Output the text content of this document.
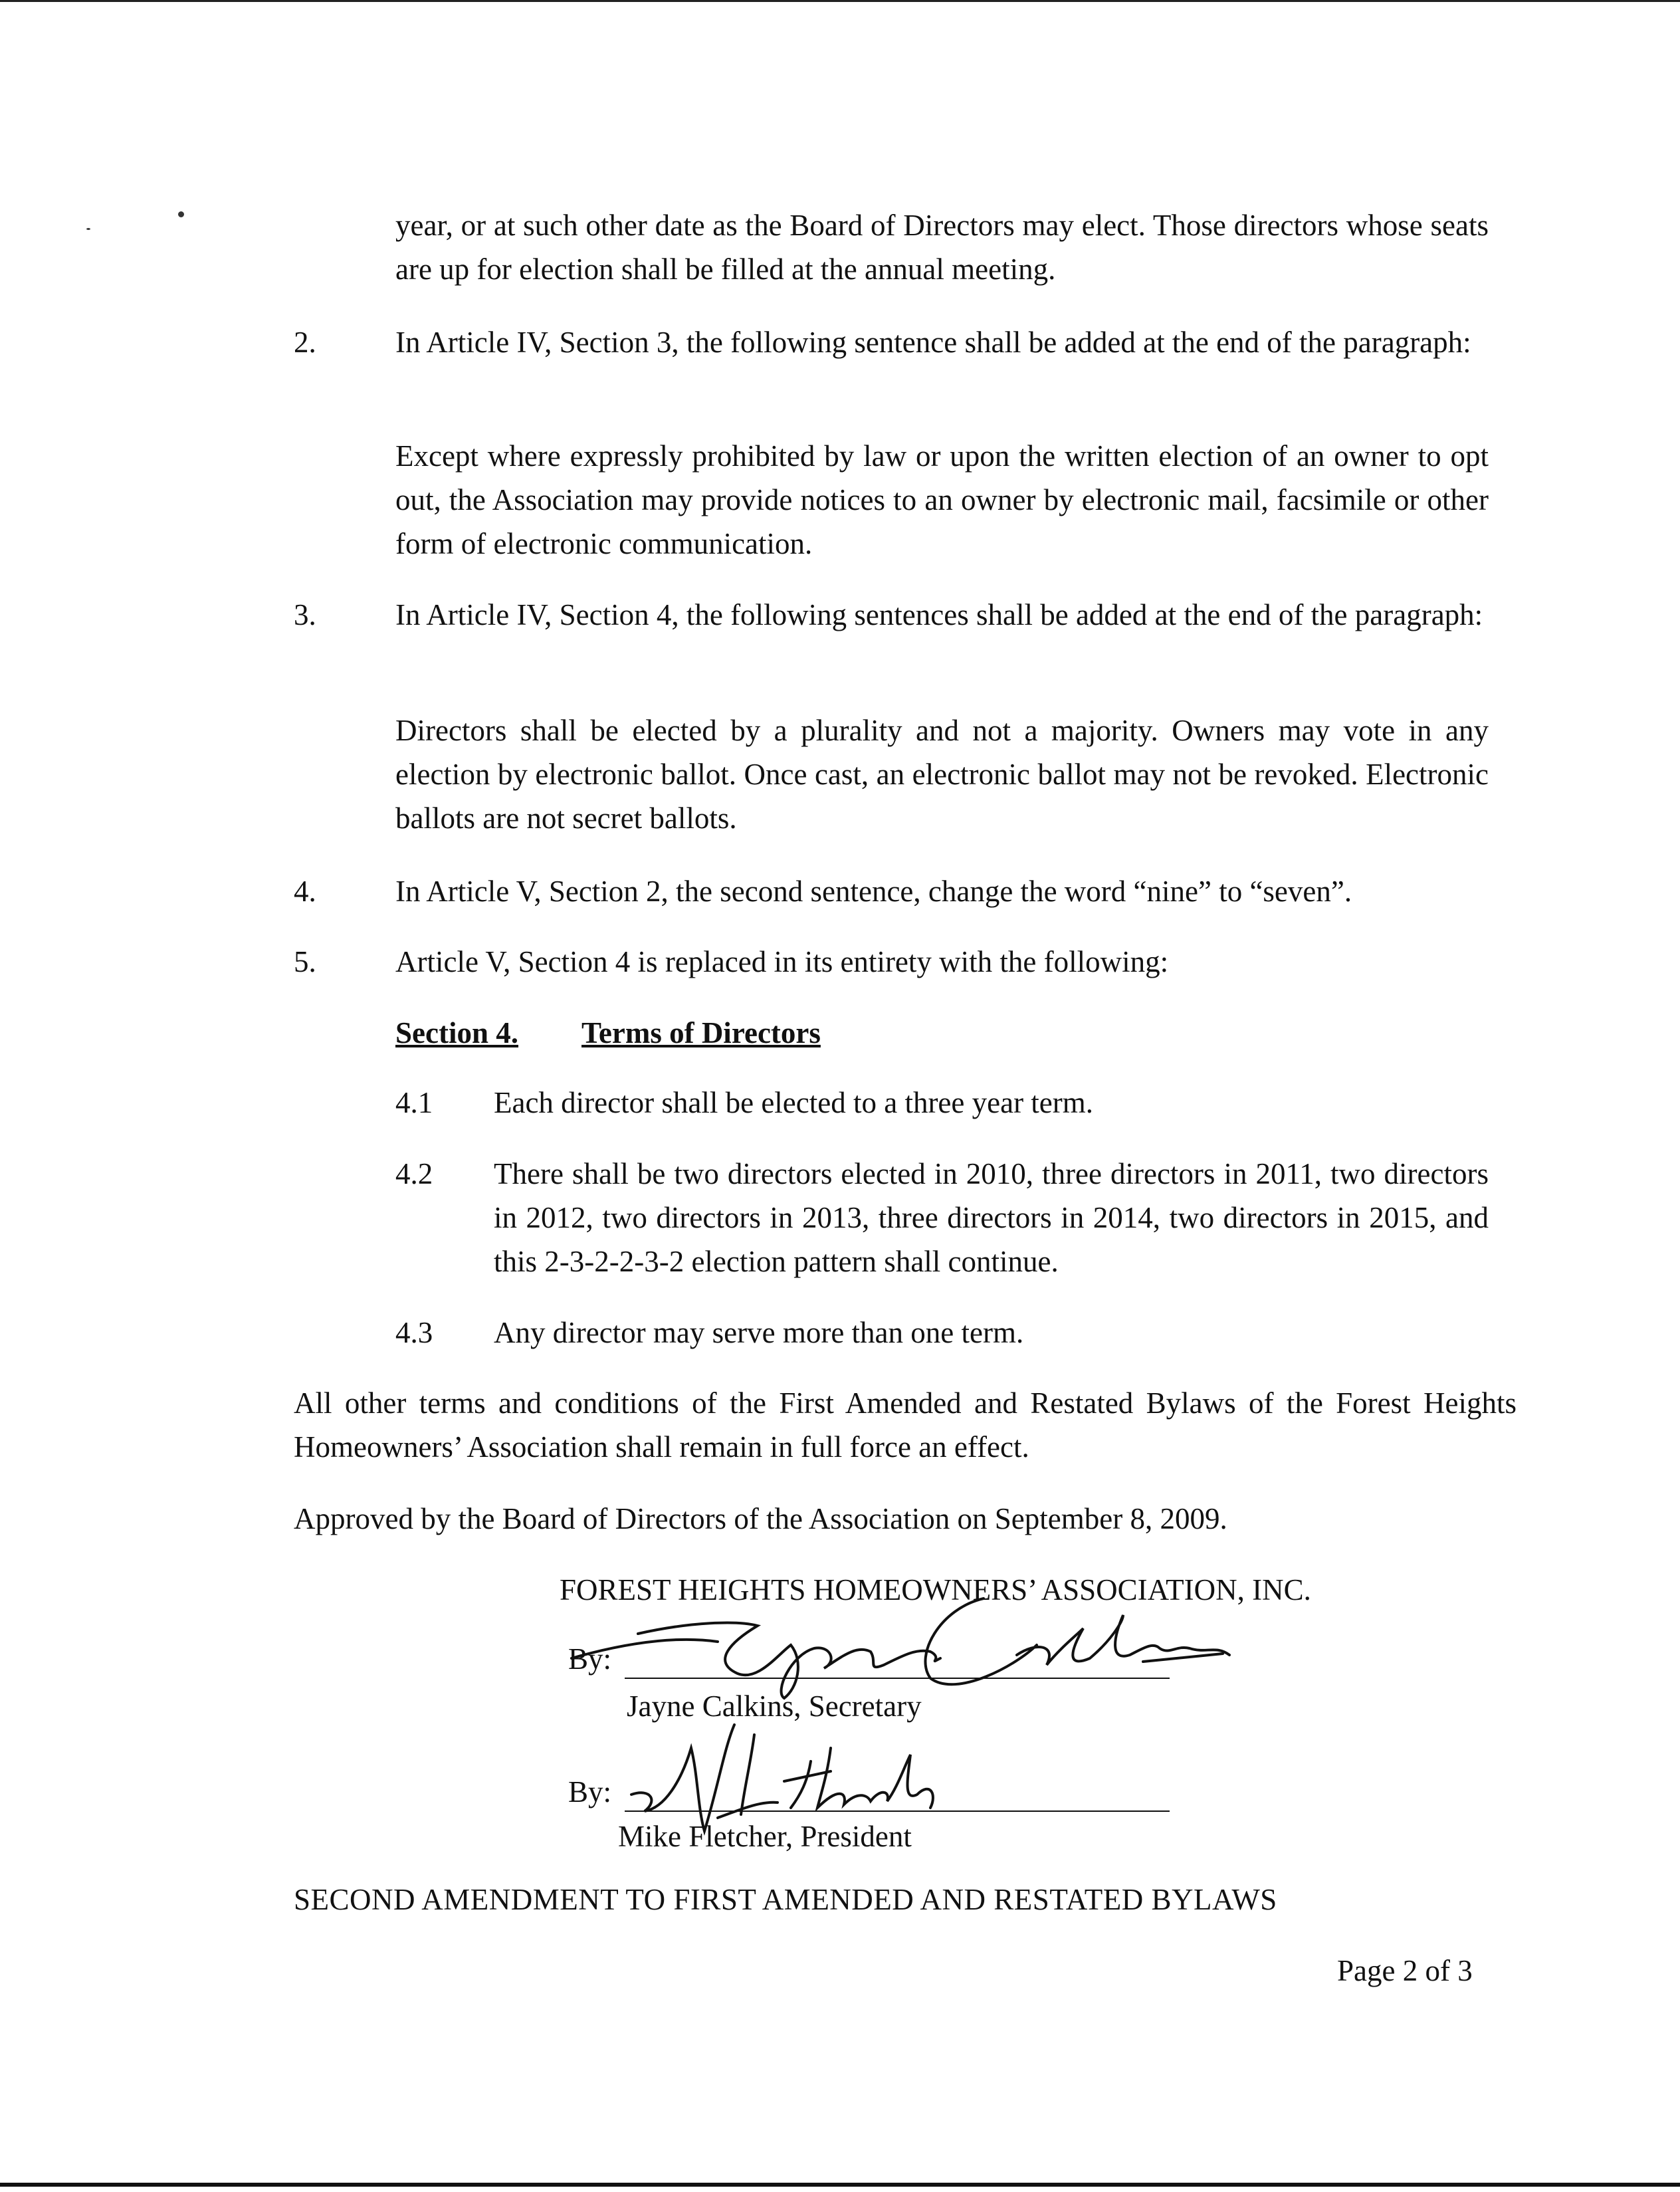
year, or at such other date as the Board of Directors may elect. Those directors whose seats are up for election shall be filled at the annual meeting.

2.	In Article IV, Section 3, the following sentence shall be added at the end of the paragraph:

Except where expressly prohibited by law or upon the written election of an owner to opt out, the Association may provide notices to an owner by electronic mail, facsimile or other form of electronic communication.

3.	In Article IV, Section 4, the following sentences shall be added at the end of the paragraph:

Directors shall be elected by a plurality and not a majority. Owners may vote in any election by electronic ballot. Once cast, an electronic ballot may not be revoked. Electronic ballots are not secret ballots.

4.	In Article V, Section 2, the second sentence, change the word “nine” to “seven”.

5.	Article V, Section 4 is replaced in its entirety with the following:

Section 4. Terms of Directors
4.1 Each director shall be elected to a three year term.

4.2 There shall be two directors elected in 2010, three directors in 2011, two directors in 2012, two directors in 2013, three directors in 2014, two directors in 2015, and this 2-3-2-2-3-2 election pattern shall continue.

4.3 Any director may serve more than one term.

All other terms and conditions of the First Amended and Restated Bylaws of the Forest Heights Homeowners’ Association shall remain in full force an effect.

Approved by the Board of Directors of the Association on September 8, 2009.

FOREST HEIGHTS HOMEOWNERS’ ASSOCIATION, INC.

By:

Jayne Calkins, Secretary

By:

Mike Fletcher, President

SECOND AMENDMENT TO FIRST AMENDED AND RESTATED BYLAWS

Page 2 of 3
